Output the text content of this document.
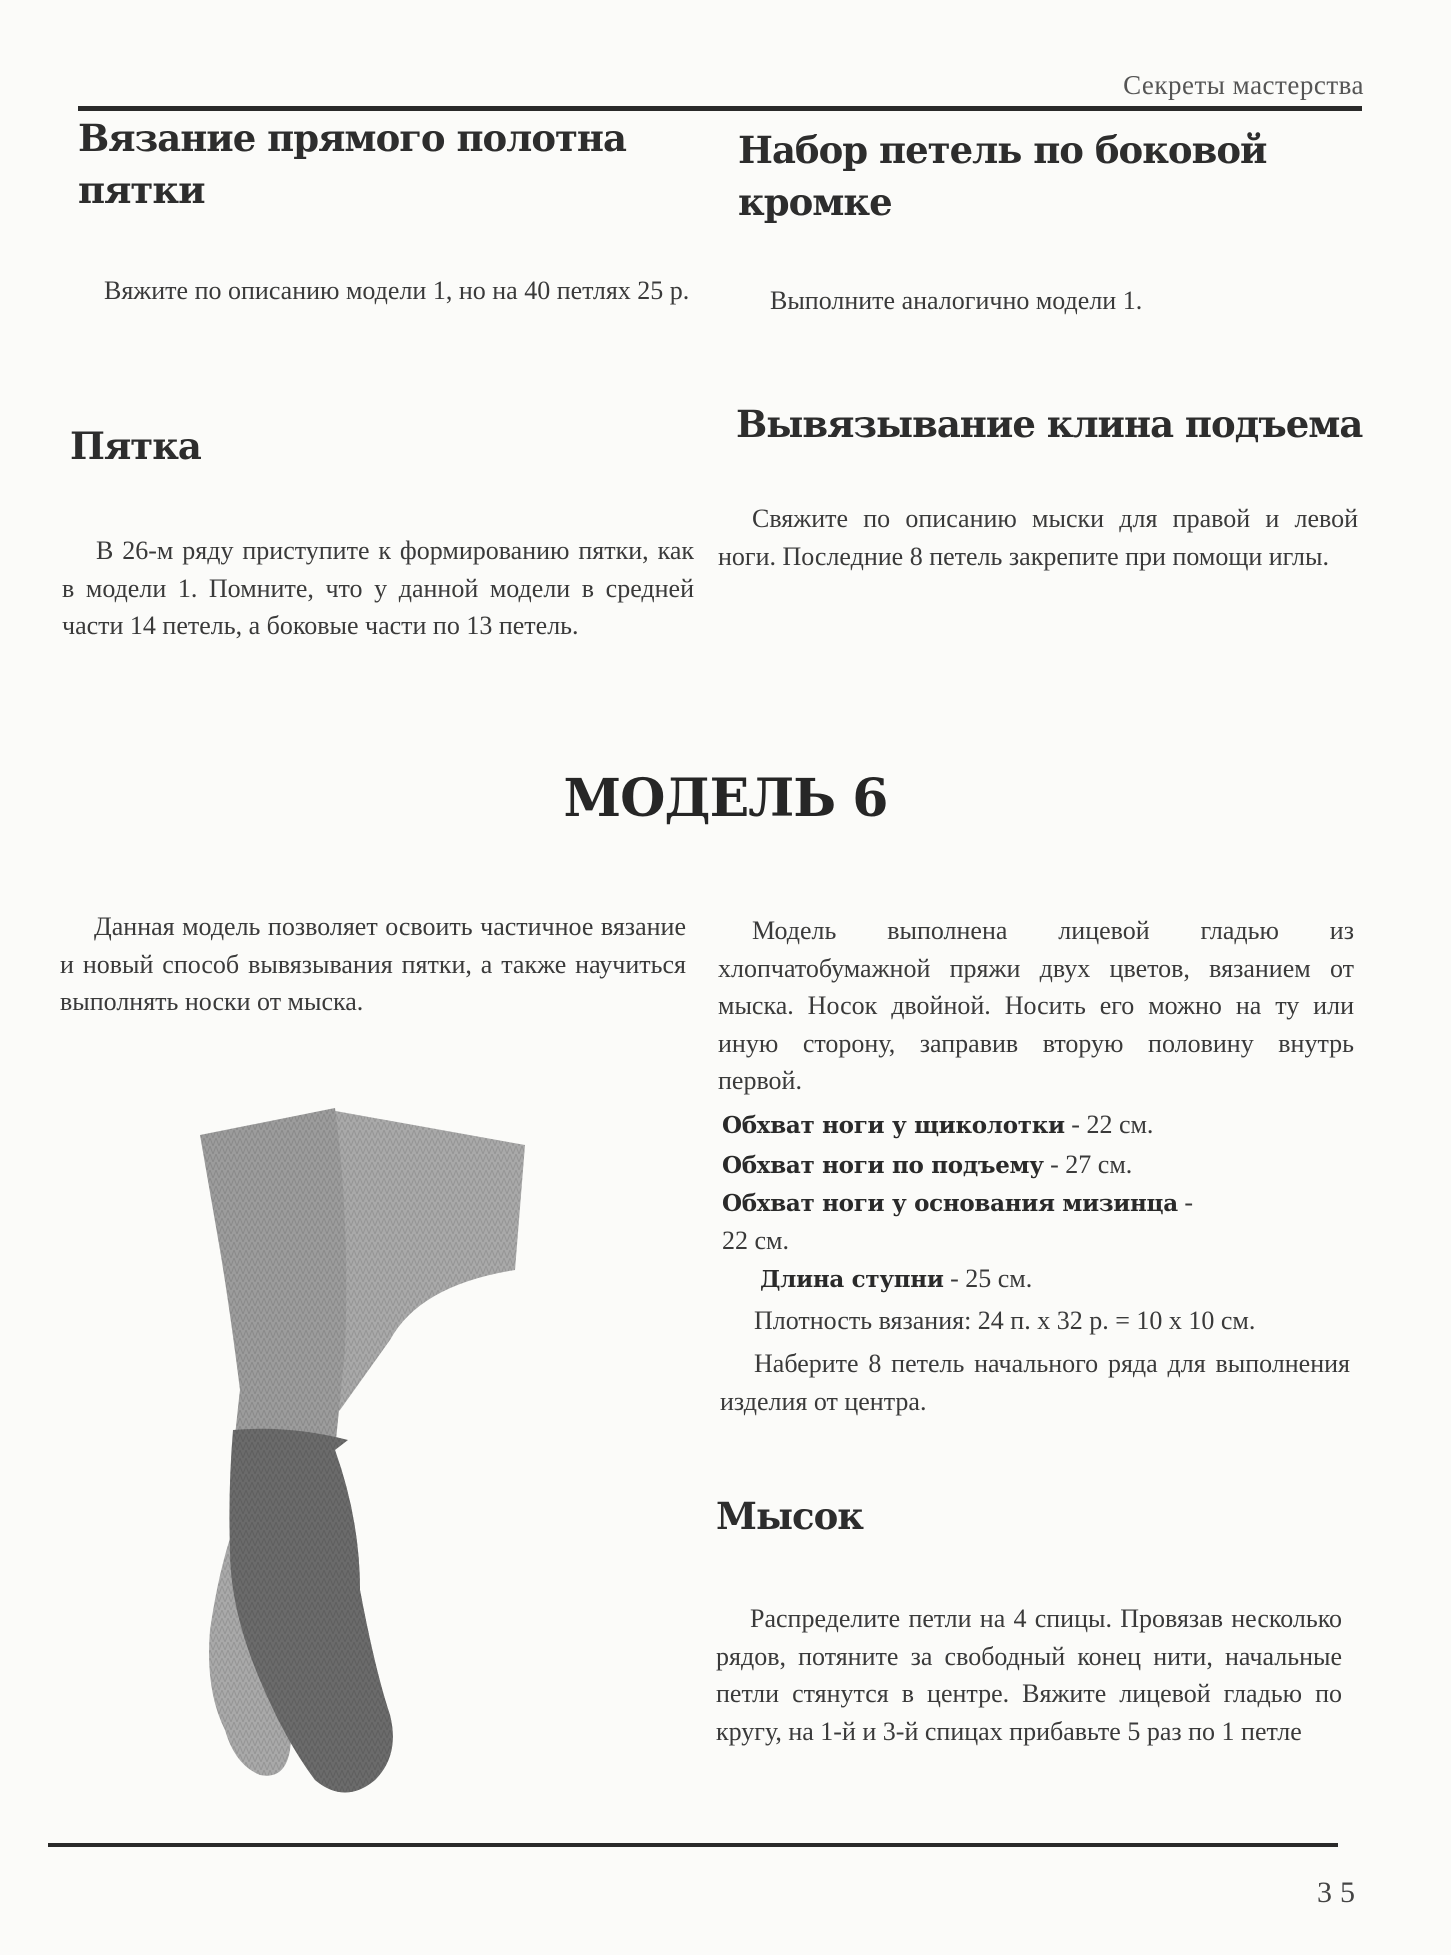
Секреты мастерства
Вязание прямого полотна пятки

Вяжите по описанию модели 1, но на 40 петлях 25 р.

Пятка

В 26-м ряду приступите к формированию пятки, как в модели 1. Помните, что у данной модели в средней части 14 петель, а боковые части по 13 петель.

Набор петель по боковой кромке

Выполните аналогично модели 1.

Вывязывание клина подъема

Свяжите по описанию мыски для правой и левой ноги. Последние 8 петель закрепите при помощи иглы.

МОДЕЛЬ 6

Данная модель позволяет освоить частичное вязание и новый способ вывязывания пятки, а также научиться выполнять носки от мыска.

Модель выполнена лицевой гладью из хлопчатобумажной пряжи двух цветов, вязанием от мыска. Носок двойной. Носить его можно на ту или иную сторону, заправив вторую половину внутрь первой.

Обхват ноги у щиколотки - 22 см.
Обхват ноги по подъему - 27 см.
Обхват ноги у основания мизинца -
22 см.
Длина ступни - 25 см.
Плотность вязания: 24 п. х 32 р. = 10 х 10 см.

Наберите 8 петель начального ряда для выполнения изделия от центра.

Мысок

Распределите петли на 4 спицы. Провязав несколько рядов, потяните за свободный конец нити, начальные петли стянутся в центре. Вяжите лицевой гладью по кругу, на 1-й и 3-й спицах прибавьте 5 раз по 1 петле

35
